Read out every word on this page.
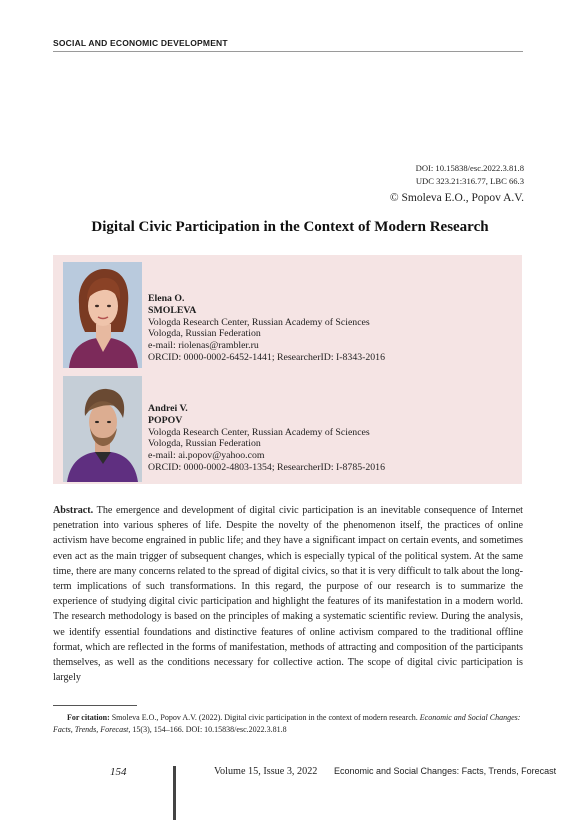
SOCIAL AND ECONOMIC DEVELOPMENT
DOI: 10.15838/esc.2022.3.81.8
UDC 323.21:316.77, LBC 66.3
© Smoleva E.O., Popov A.V.
Digital Civic Participation in the Context of Modern Research
Elena O.
SMOLEVA
Vologda Research Center, Russian Academy of Sciences
Vologda, Russian Federation
e-mail: riolenas@rambler.ru
ORCID: 0000-0002-6452-1441; ResearcherID: I-8343-2016
Andrei V.
POPOV
Vologda Research Center, Russian Academy of Sciences
Vologda, Russian Federation
e-mail: ai.popov@yahoo.com
ORCID: 0000-0002-4803-1354; ResearcherID: I-8785-2016

Abstract. The emergence and development of digital civic participation is an inevitable consequence of Internet penetration into various spheres of life. Despite the novelty of the phenomenon itself, the practices of online activism have become engrained in public life; and they have a significant impact on certain events, and sometimes even act as the main trigger of subsequent changes, which is especially typical of the political system. At the same time, there are many concerns related to the spread of digital civics, so that it is very difficult to talk about the long-term implications of such transformations. In this regard, the purpose of our research is to summarize the experience of studying digital civic participation and highlight the features of its manifestation in a modern world. The research methodology is based on the principles of making a systematic scientific review. During the analysis, we identify essential foundations and distinctive features of online activism compared to the traditional offline format, which are reflected in the forms of manifestation, methods of attracting and composition of the participants themselves, as well as the conditions necessary for collective action. The scope of digital civic participation is largely

For citation: Smoleva E.O., Popov A.V. (2022). Digital civic participation in the context of modern research. Economic and Social Changes: Facts, Trends, Forecast, 15(3), 154–166. DOI: 10.15838/esc.2022.3.81.8

154	Volume 15, Issue 3, 2022 Economic and Social Changes: Facts, Trends, Forecast
